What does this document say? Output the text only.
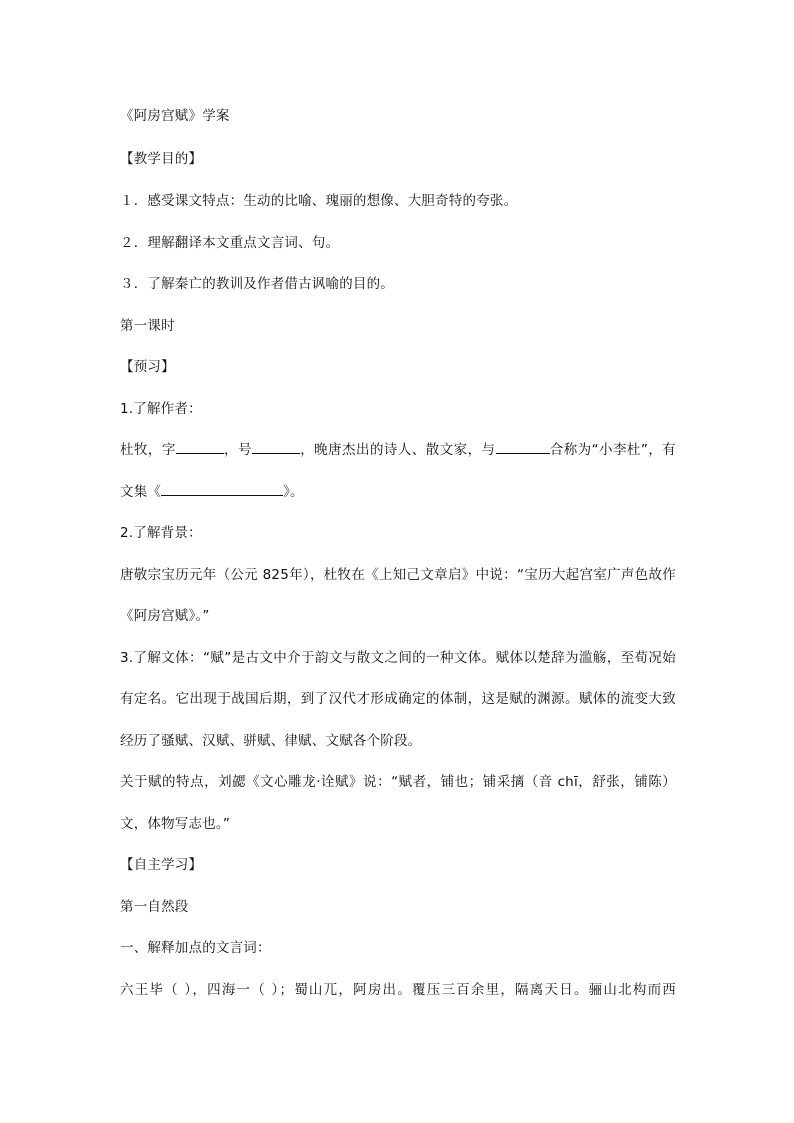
《阿房宫赋》学案
【教学目的】
１．感受课文特点：生动的比喻、瑰丽的想像、大胆奇特的夸张。
２．理解翻译本文重点文言词、句。
３．了解秦亡的教训及作者借古讽喻的目的。
第一课时
【预习】
1.了解作者：
杜牧，字	，号	，晚唐杰出的诗人、散文家，与	合称为“小李杜”，有
文集《	》。
2.了解背景：
唐敬宗宝历元年（公元 825年），杜牧在《上知己文章启》中说：“宝历大起宫室广声色故作
《阿房宫赋》。”
3.了解文体：“赋”是古文中介于韵文与散文之间的一种文体。赋体以楚辞为滥觞，至荀况始
有定名。它出现于战国后期，到了汉代才形成确定的体制，这是赋的渊源。赋体的流变大致
经历了骚赋、汉赋、骈赋、律赋、文赋各个阶段。
关于赋的特点，刘勰《文心雕龙·诠赋》说：“赋者，铺也；铺采摛（音 chī，舒张，铺陈）
文，体物写志也。”
【自主学习】
第一自然段
一、解释加点的文言词：
六王毕（ ），四海一（ ）；蜀山兀，阿房出。覆压三百余里，隔离天日。骊山北构而西
